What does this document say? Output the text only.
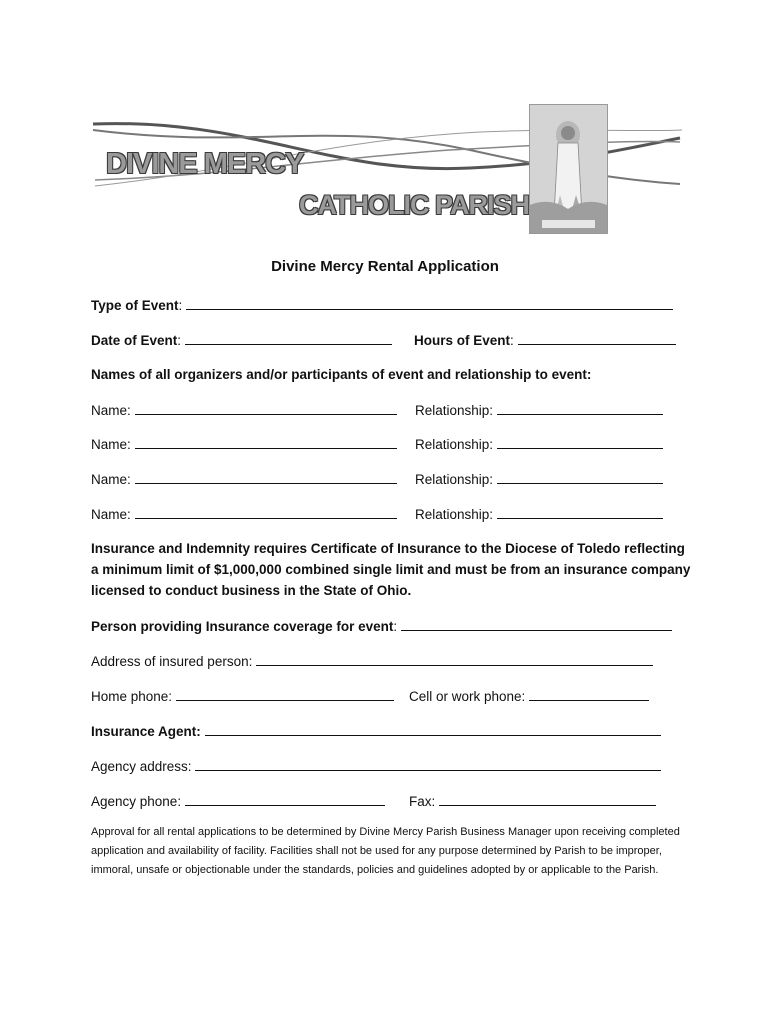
DIVINE MERCY
CATHOLIC PARISH
Divine Mercy Rental Application
Type of Event:
Date of Event:	Hours of Event:
Names of all organizers and/or participants of event and relationship to event:
Name:	Relationship:
Name:	Relationship:
Name:	Relationship:
Name:	Relationship:
Insurance and Indemnity requires Certificate of Insurance to the Diocese of Toledo reflecting a minimum limit of $1,000,000 combined single limit and must be from an insurance company licensed to conduct business in the State of Ohio.
Person providing Insurance coverage for event:
Address of insured person:
Home phone:	Cell or work phone:
Insurance Agent:
Agency address:
Agency phone:	Fax:
Approval for all rental applications to be determined by Divine Mercy Parish Business Manager upon receiving completed application and availability of facility. Facilities shall not be used for any purpose determined by Parish to be improper, immoral, unsafe or objectionable under the standards, policies and guidelines adopted by or applicable to the Parish.
